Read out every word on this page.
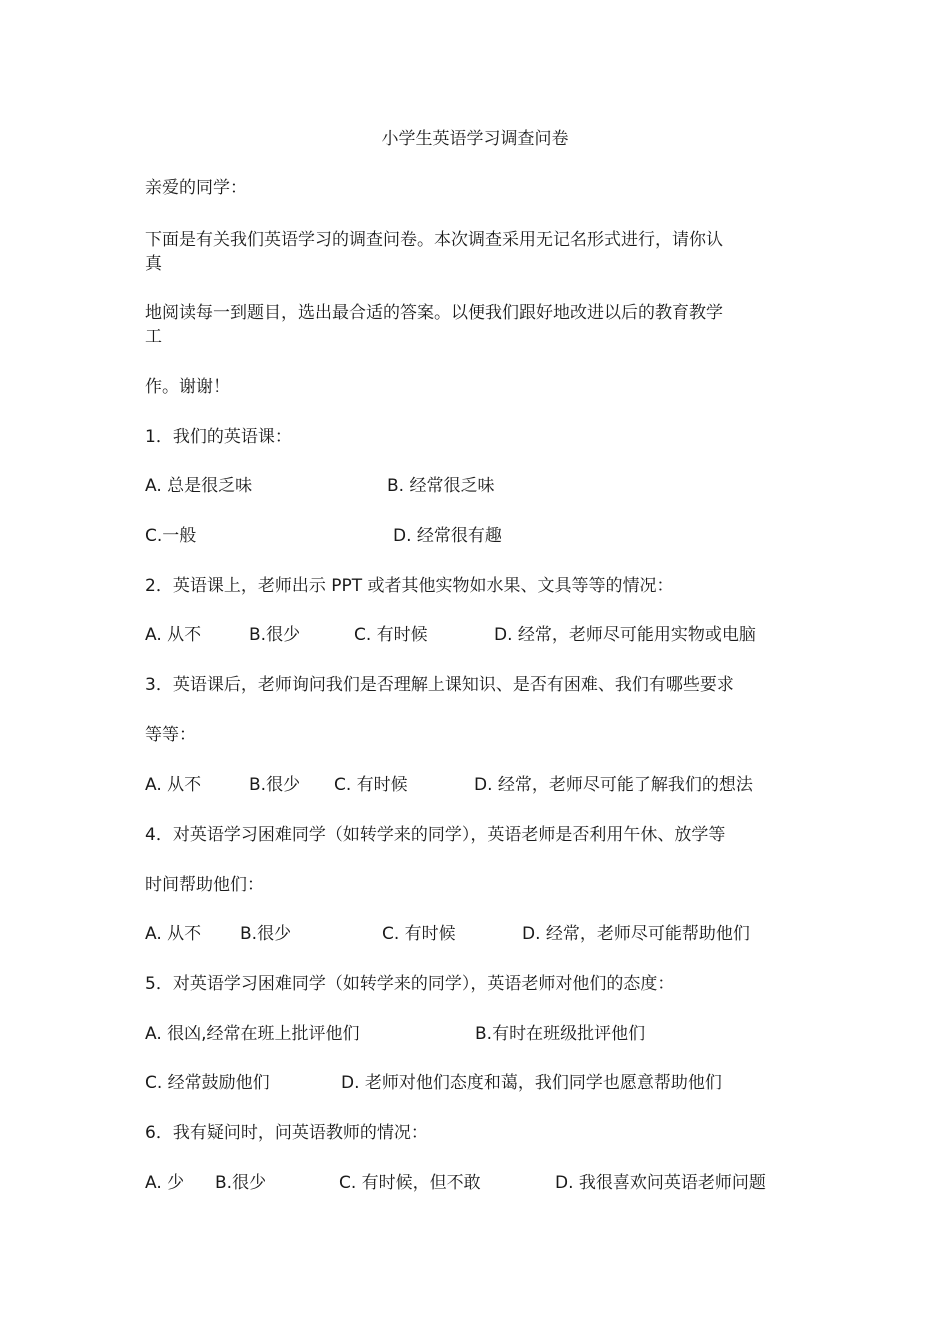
小学生英语学习调查问卷
亲爱的同学：
下面是有关我们英语学习的调查问卷。本次调查采用无记名形式进行，请你认
真
地阅读每一到题目，选出最合适的答案。以便我们跟好地改进以后的教育教学
工
作。谢谢！
1．我们的英语课：
A. 总是很乏味	B. 经常很乏味
C.一般	D. 经常很有趣
2．英语课上，老师出示 PPT 或者其他实物如水果、文具等等的情况：
A. 从不	B.很少	C. 有时候	D. 经常，老师尽可能用实物或电脑
3．英语课后，老师询问我们是否理解上课知识、是否有困难、我们有哪些要求
等等：
A. 从不	B.很少 C. 有时候	D. 经常，老师尽可能了解我们的想法
4．对英语学习困难同学（如转学来的同学），英语老师是否利用午休、放学等
时间帮助他们：
A. 从不 B.很少	C. 有时候	D. 经常，老师尽可能帮助他们
5．对英语学习困难同学（如转学来的同学），英语老师对他们的态度：
A. 很凶,经常在班上批评他们	B.有时在班级批评他们
C. 经常鼓励他们	D. 老师对他们态度和蔼，我们同学也愿意帮助他们
6．我有疑问时，问英语教师的情况：
A. 少 B.很少	C. 有时候，但不敢	D. 我很喜欢问英语老师问题
